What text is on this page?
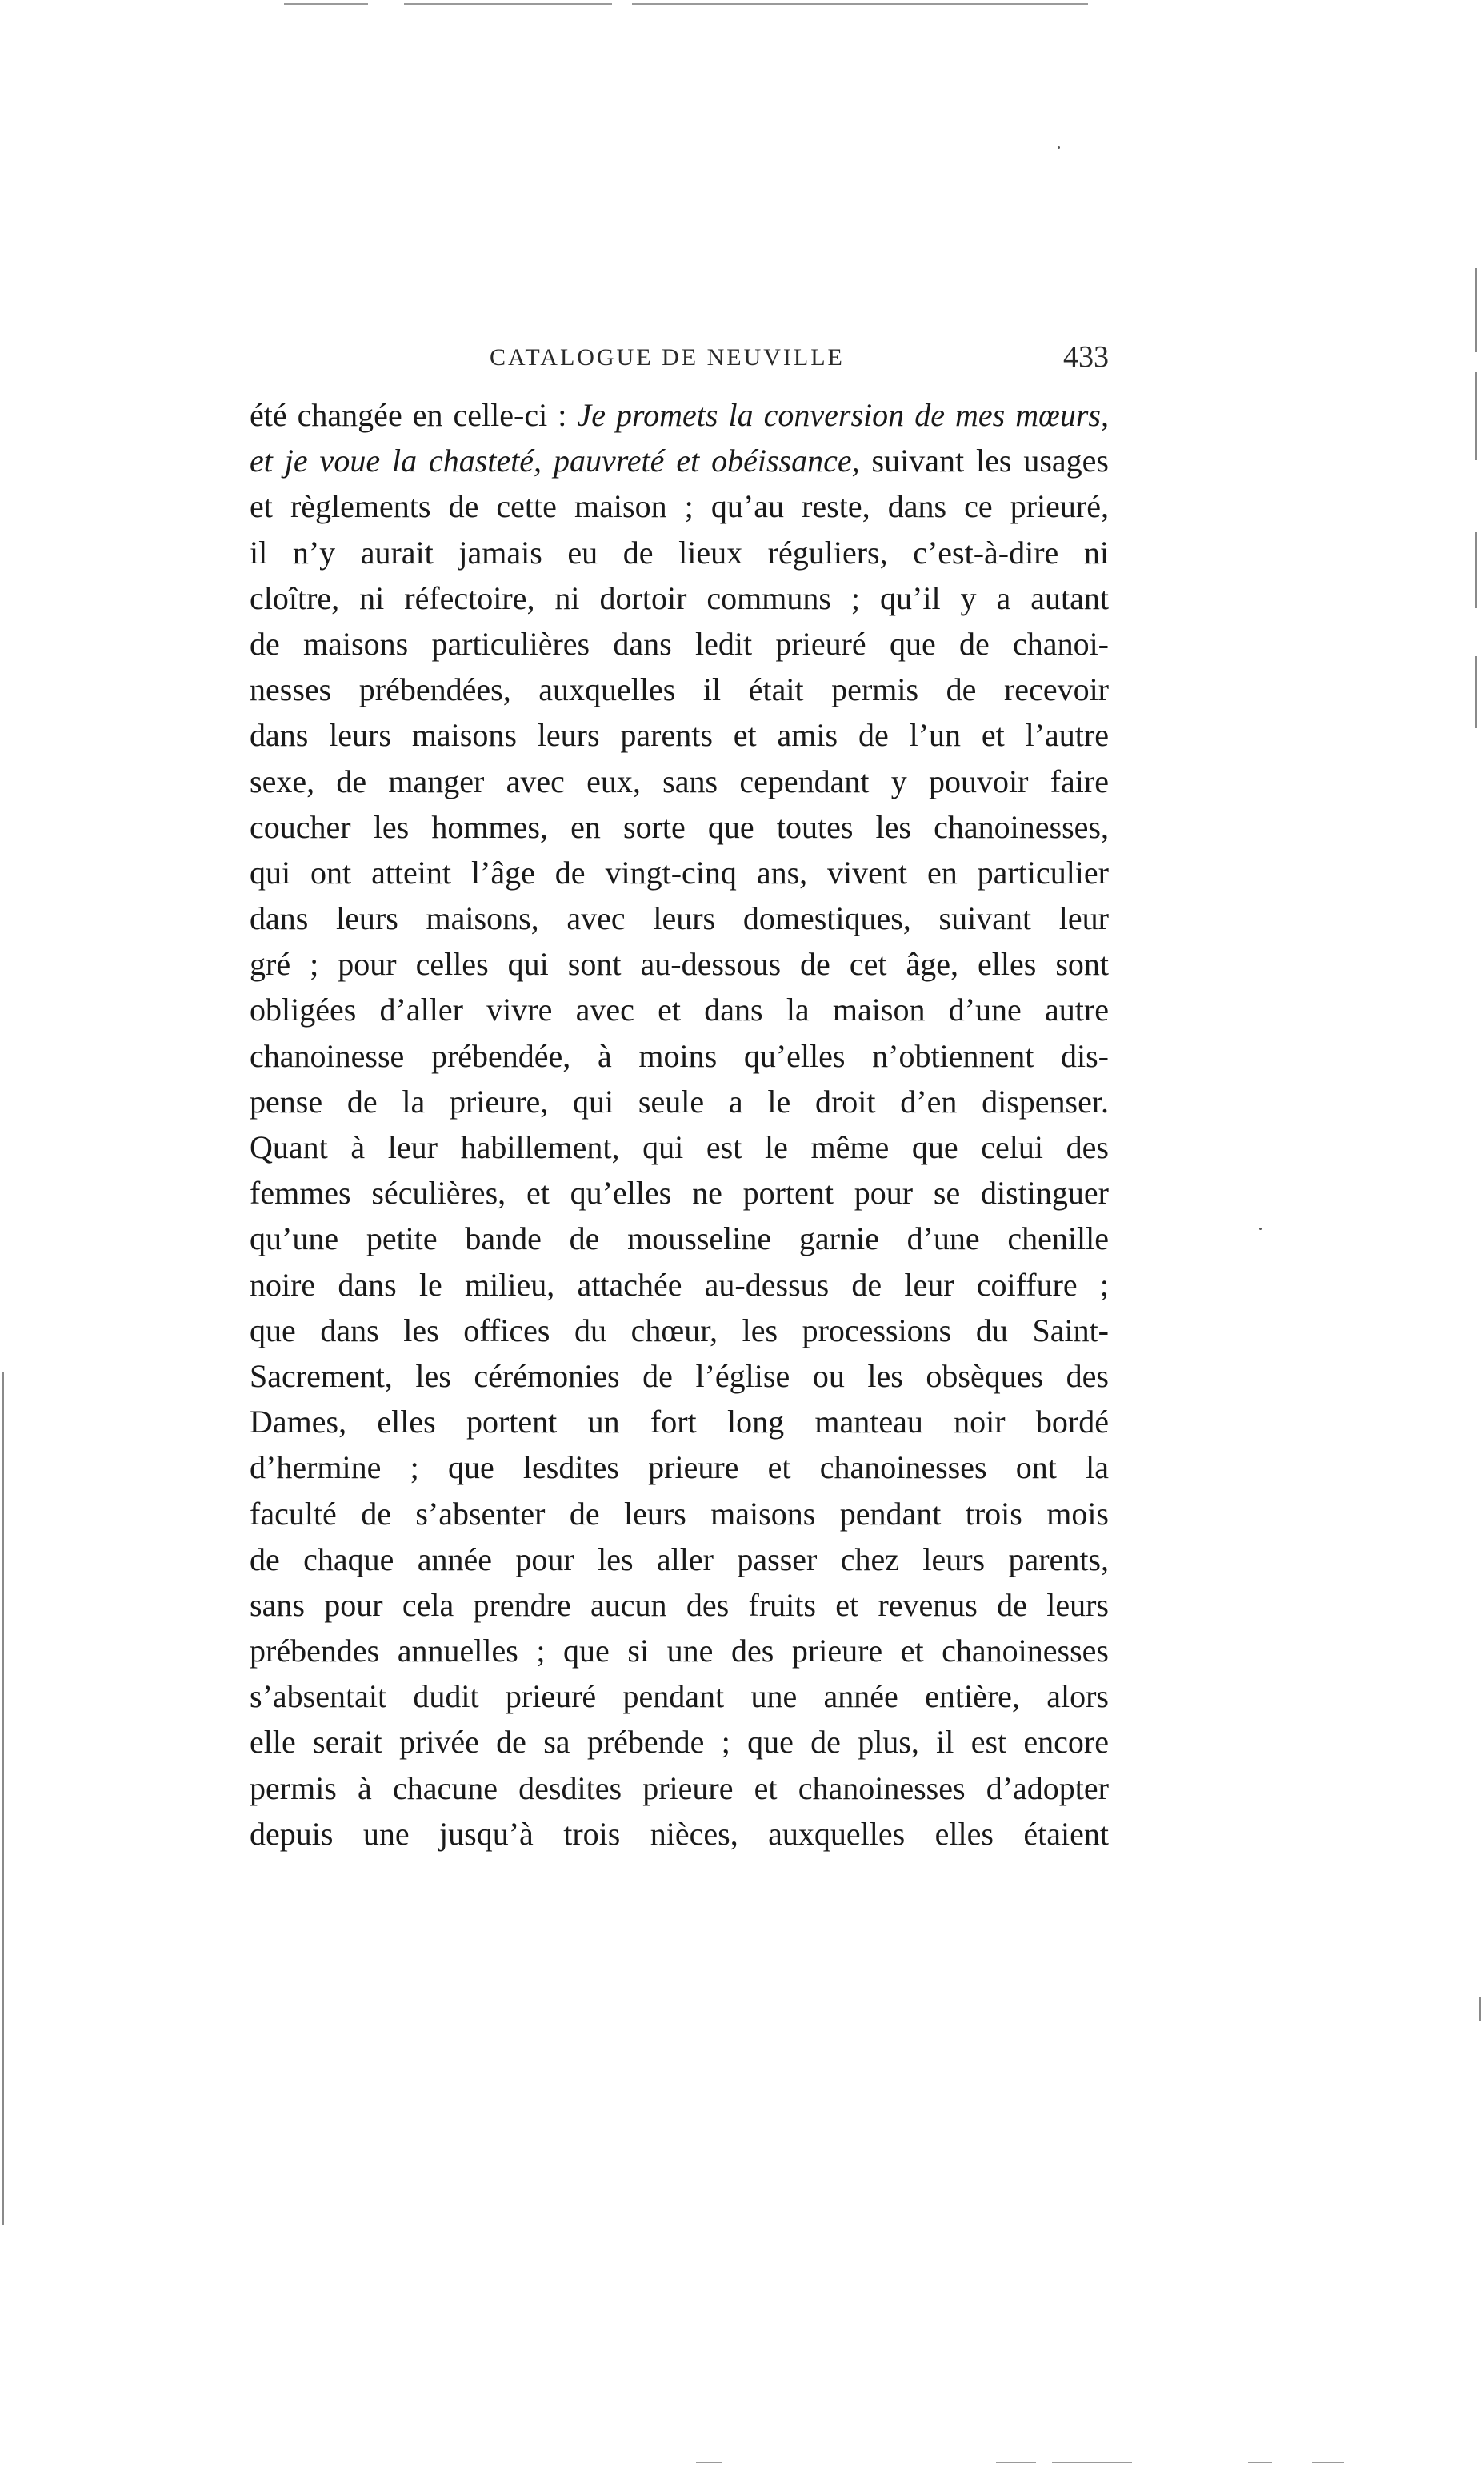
CATALOGUE DE NEUVILLE	433
été changée en celle-ci : Je promets la conversion de mes mœurs,
et je voue la chasteté, pauvreté et obéissance, suivant les usages
et règlements de cette maison ; qu’au reste, dans ce prieuré,
il n’y aurait jamais eu de lieux réguliers, c’est-à-dire ni
cloître, ni réfectoire, ni dortoir communs ; qu’il y a autant
de maisons particulières dans ledit prieuré que de chanoi-
nesses prébendées, auxquelles il était permis de recevoir
dans leurs maisons leurs parents et amis de l’un et l’autre
sexe, de manger avec eux, sans cependant y pouvoir faire
coucher les hommes, en sorte que toutes les chanoinesses,
qui ont atteint l’âge de vingt-cinq ans, vivent en particulier
dans leurs maisons, avec leurs domestiques, suivant leur
gré ; pour celles qui sont au-dessous de cet âge, elles sont
obligées d’aller vivre avec et dans la maison d’une autre
chanoinesse prébendée, à moins qu’elles n’obtiennent dis-
pense de la prieure, qui seule a le droit d’en dispenser.
Quant à leur habillement, qui est le même que celui des
femmes séculières, et qu’elles ne portent pour se distinguer
qu’une petite bande de mousseline garnie d’une chenille
noire dans le milieu, attachée au-dessus de leur coiffure ;
que dans les offices du chœur, les processions du Saint-
Sacrement, les cérémonies de l’église ou les obsèques des
Dames, elles portent un fort long manteau noir bordé
d’hermine ; que lesdites prieure et chanoinesses ont la
faculté de s’absenter de leurs maisons pendant trois mois
de chaque année pour les aller passer chez leurs parents,
sans pour cela prendre aucun des fruits et revenus de leurs
prébendes annuelles ; que si une des prieure et chanoinesses
s’absentait dudit prieuré pendant une année entière, alors
elle serait privée de sa prébende ; que de plus, il est encore
permis à chacune desdites prieure et chanoinesses d’adopter
depuis une jusqu’à trois nièces, auxquelles elles étaient
